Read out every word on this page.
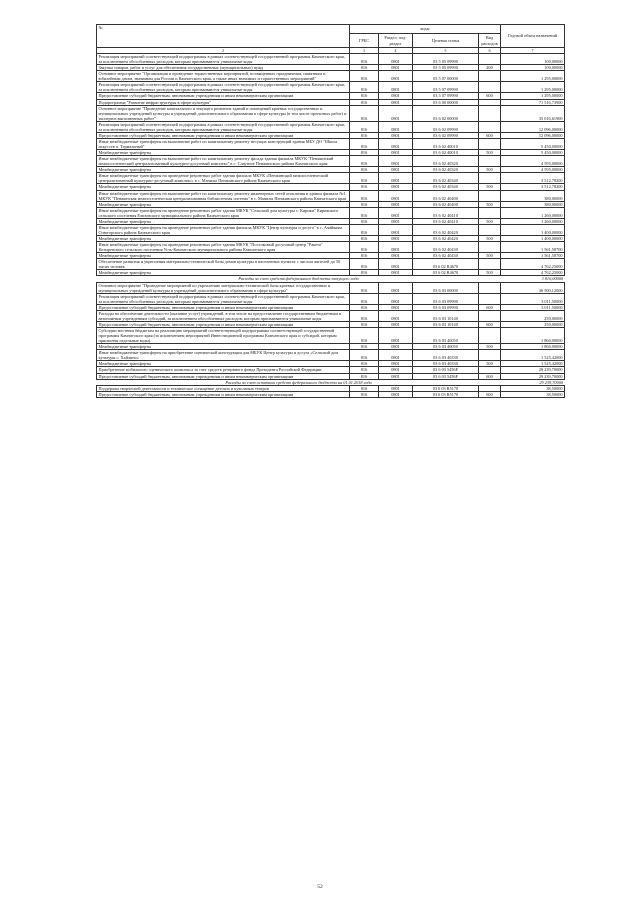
№	коды				Годовой объем назначений
	ГРБС	Раздел, под-раздел	Целевая статья	Вид расходов	
2	3	4	5	6	7
Реализация мероприятий соответствующей подпрограммы в рамках соответствующей государственной программы Камчатского края, за исключением обособленных расходов, которым присваиваются уникальные коды	816	0801	03 5 05 09990		100,00000
Закупка товаров, работ и услуг для обеспечения государственных (муниципальных) нужд	816	0801	03 5 05 09990	200	100,00000
Основное мероприятие "Организация и проведение торжественных мероприятий, посвященных праздничным, памятным и юбилейным датам, значимым для России и Камчатского края, а также иных значимых и торжественных мероприятий"	816	0801	03 5 07 00000		1 295,00000
Реализация мероприятий соответствующей подпрограммы в рамках соответствующей государственной программы Камчатского края, за исключением обособленных расходов, которым присваиваются уникальные коды	816	0801	03 5 07 09990		1 295,00000
Предоставление субсидий бюджетным, автономным учреждениям и иным некоммерческим организациям	816	0801	03 5 07 09990	600	1 295,00000
Подпрограмма "Развитие инфраструктуры в сфере культуры"	816	0801	03 6 00 00000		71 516,73900
Основное мероприятие "Проведение капитального и текущего ремонтов зданий и помещений краевых государственных и муниципальных учреждений культуры и учреждений дополнительного образования в сфере культуры (в том числе проектных работ) и экспертиз выполненных работ"	816	0801	03 6 02 00000		35 016,61900
Реализация мероприятий соответствующей подпрограммы в рамках соответствующей государственной программы Камчатского края, за исключением обособленных расходов, которым присваиваются уникальные коды	816	0801	03 6 02 09990		12 096,00000
Предоставление субсидий бюджетным, автономным учреждениям и иным некоммерческим организациям	816	0801	03 6 02 09990	600	12 096,00000
Иные межбюджетные трансферты на выполнение работ по капитальному ремонту несущих конструкций здания МБУ ДО "Школа искусств п. Термальный"	816	0801	03 6 02 40010		5 450,00000
Межбюджетные трансферты	816	0801	03 6 02 40010	500	5 450,00000
Иные межбюджетные трансферты на выполнение работ по капитальному ремонту фасада здания филиала МКУК "Пенжинский межпоселенческий централизованный культурно-досуговый комплекс" в с. Слаутное Пенжинского района Камчатского края	816	0801	03 6 02 40320		4 595,00000
Межбюджетные трансферты	816	0801	03 6 02 40320	500	4 595,00000
Иные межбюджетные трансферты на проведение ремонтных работ здания филиала МКУК «Пенжинский межпоселенческий централизованный культурно-досуговый комплекс» в с. Манилы Пенжинского района Камчатского края	816	0801	03 6 02 40340		3 512,78200
Межбюджетные трансферты	816	0801	03 6 02 40340	500	3 512,78200
Иные межбюджетные трансферты на выполнение работ по капитальному ремонту инженерных сетей отопления в здании филиала №1 МКУК "Пенжинская межпоселенческая централизованная библиотечная система" в с. Манилы Пенжинского района Камчатского края	816	0801	03 6 02 40400		380,00000
Межбюджетные трансферты	816	0801	03 6 02 40400	500	380,00000
Иные межбюджетные трансферты на проведение ремонтных работ здания МКУК "Сельский дом культуры с. Кирики" Кирикского сельского поселения Елизовского муниципального района Камчатского края	816	0801	03 6 02 40410		1 260,00000
Межбюджетные трансферты	816	0801	03 6 02 40410	500	1 260,00000
Иные межбюджетные трансферты на проведение ремонтных работ здания филиала МКУК "Центр культуры и досуга" в с. Ачайваям Олюторского района Камчатского края	816	0801	03 6 02 40420		1 400,00000
Межбюджетные трансферты	816	0801	03 6 02 40420	500	1 400,00000
Иные межбюджетные трансферты на проведение ремонтных работ здания МКУК "Поселковый досуговый центр "Ракета" Козыревского сельского поселения Усть-Камчатского муниципального района Камчатского края	816	0801	03 6 02 40430		1 561,58700
Межбюджетные трансферты	816	0801	03 6 02 40430	500	1 561,58700
Обеспечение развития и укрепления материально-технической базы домов культуры в населенных пунктах с числом жителей до 50 тысяч человек	816	0801	03 6 02 R4670		4 762,25000
Межбюджетные трансферты	816	0801	03 6 02 R4670	500	4 762,25000
Расходы за счет средств федерального бюджета текущего года					3 810,00000
Основное мероприятие "Проведение мероприятий по укреплению материально-технической базы краевых государственных и муниципальных учреждений культуры и учреждений дополнительного образования в сфере культуры"	816	0801	03 6 03 00000		36 500,12000
Реализация мероприятий соответствующей подпрограммы в рамках соответствующей государственной программы Камчатского края, за исключением обособленных расходов, которым присваиваются уникальные коды	816	0801	03 6 03 09990		3 011,50000
Предоставление субсидий бюджетным, автономным учреждениям и иным некоммерческим организациям	816	0801	03 6 03 09990	600	3 011,50000
Расходы на обеспечение деятельности (оказание услуг) учреждений, в том числе на предоставление государственным бюджетным и автономным учреждениям субсидий, за исключением обособленных расходов, которым присваиваются уникальные коды	816	0801	03 6 03 10140		250,00000
Предоставление субсидий бюджетным, автономным учреждениям и иным некоммерческим организациям	816	0801	03 6 03 10140	600	250,00000
Субсидии местным бюджетам на реализацию мероприятий соответствующей подпрограммы соответствующей государственной программы Камчатского края (за исключением мероприятий Инвестиционной программы Камчатского края и субсидий, которым присвоены отдельные коды)	816	0801	03 6 03 40050		1 860,00000
Межбюджетные трансферты	816	0801	03 6 03 40050	500	1 860,00000
Иные межбюджетные трансферты на приобретение сценической конструкции для МБУК Центр культуры и досуга «Сельский дом культуры с. Хайлино»	816	0801	03 6 03 40330		1 525,42000
Межбюджетные трансферты	816	0801	03 6 03 40330	500	1 525,42000
Приобретение мобильного сценического комплекса за счет средств резервного фонда Президента Российской Федерации	816	0801	03 6 03 5456F		29 239,70000
Предоставление субсидий бюджетным, автономным учреждениям и иным некоммерческим организациям	816	0801	03 6 03 5456F	600	29 239,70000
Расходы за счет остатков средств федерального бюджета на 01.01.2018 года					29 239,70000
Поддержка творческой деятельности и техническое оснащение детских и кукольных театров	816	0801	03 6 03 R5170		38,50000
Предоставление субсидий бюджетным, автономным учреждениям и иным некоммерческим организациям	816	0801	03 6 03 R5170	600	38,50000
52
